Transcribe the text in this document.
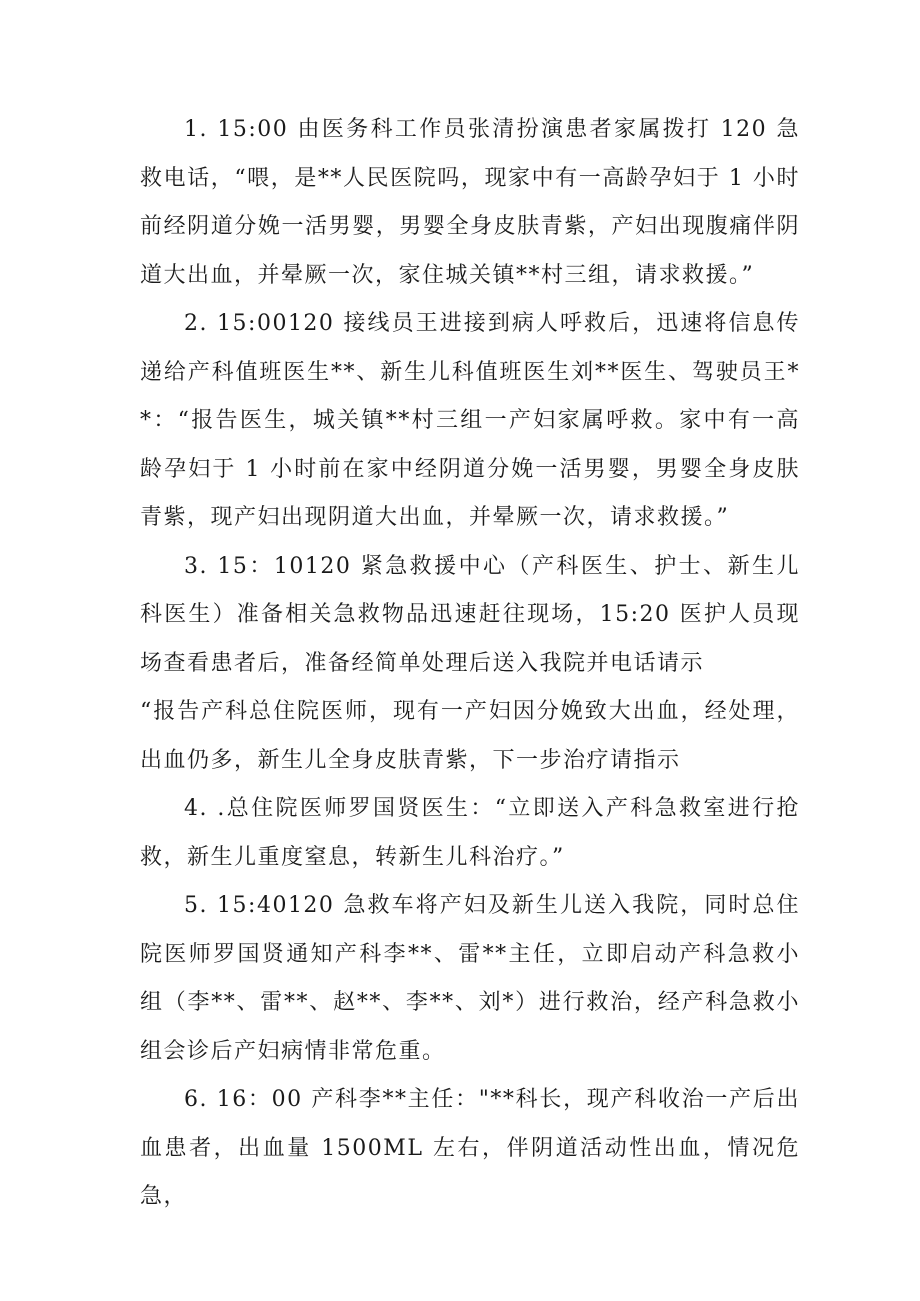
1. 15:00 由医务科工作员张清扮演患者家属拨打 120 急救电话，“喂，是**人民医院吗，现家中有一高龄孕妇于 1 小时前经阴道分娩一活男婴，男婴全身皮肤青紫，产妇出现腹痛伴阴道大出血，并晕厥一次，家住城关镇**村三组，请求救援。”

2. 15:00120 接线员王进接到病人呼救后，迅速将信息传递给产科值班医生**、新生儿科值班医生刘**医生、驾驶员王**：“报告医生，城关镇**村三组一产妇家属呼救。家中有一高龄孕妇于 1 小时前在家中经阴道分娩一活男婴，男婴全身皮肤青紫，现产妇出现阴道大出血，并晕厥一次，请求救援。”

3. 15：10120 紧急救援中心（产科医生、护士、新生儿科医生）准备相关急救物品迅速赶往现场，15:20 医护人员现场查看患者后，准备经简单处理后送入我院并电话请示

“报告产科总住院医师，现有一产妇因分娩致大出血，经处理，出血仍多，新生儿全身皮肤青紫，下一步治疗请指示

4. .总住院医师罗国贤医生：“立即送入产科急救室进行抢救，新生儿重度窒息，转新生儿科治疗。”

5. 15:40120 急救车将产妇及新生儿送入我院，同时总住院医师罗国贤通知产科李**、雷**主任，立即启动产科急救小组（李**、雷**、赵**、李**、刘*）进行救治，经产科急救小组会诊后产妇病情非常危重。

6. 16：00 产科李**主任："**科长，现产科收治一产后出血患者，出血量 1500ML 左右，伴阴道活动性出血，情况危急，
